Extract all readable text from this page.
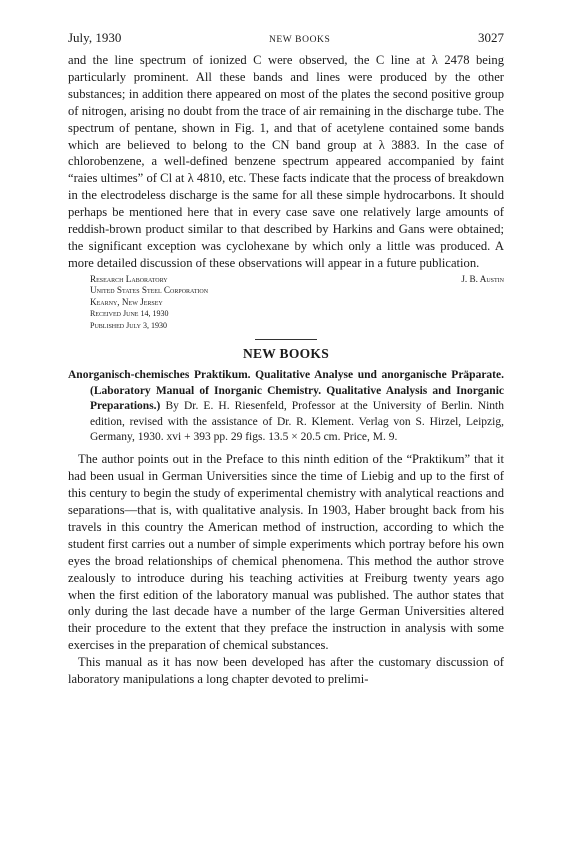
July, 1930	NEW BOOKS	3027

and the line spectrum of ionized C were observed, the C line at λ 2478 being particularly prominent. All these bands and lines were produced by the other substances; in addition there appeared on most of the plates the second positive group of nitrogen, arising no doubt from the trace of air remaining in the discharge tube. The spectrum of pentane, shown in Fig. 1, and that of acetylene contained some bands which are believed to belong to the CN band group at λ 3883. In the case of chlorobenzene, a well-defined benzene spectrum appeared accompanied by faint “raies ultimes” of Cl at λ 4810, etc. These facts indicate that the process of breakdown in the electrodeless discharge is the same for all these simple hydrocarbons. It should perhaps be mentioned here that in every case save one relatively large amounts of reddish-brown product similar to that described by Harkins and Gans were obtained; the significant exception was cyclohexane by which only a little was produced. A more detailed discussion of these observations will appear in a future publication.

Research Laboratory
United States Steel Corporation
Kearny, New Jersey
Received June 14, 1930
Published July 3, 1930
J. B. Austin
NEW BOOKS

Anorganisch-chemisches Praktikum. Qualitative Analyse und anorganische Präparate. (Laboratory Manual of Inorganic Chemistry. Qualitative Analysis and Inorganic Preparations.) By Dr. E. H. Riesenfeld, Professor at the University of Berlin. Ninth edition, revised with the assistance of Dr. R. Klement. Verlag von S. Hirzel, Leipzig, Germany, 1930. xvi + 393 pp. 29 figs. 13.5 × 20.5 cm. Price, M. 9.

The author points out in the Preface to this ninth edition of the “Praktikum” that it had been usual in German Universities since the time of Liebig and up to the first of this century to begin the study of experimental chemistry with analytical reactions and separations—that is, with qualitative analysis. In 1903, Haber brought back from his travels in this country the American method of instruction, according to which the student first carries out a number of simple experiments which portray before his own eyes the broad relationships of chemical phenomena. This method the author strove zealously to introduce during his teaching activities at Freiburg twenty years ago when the first edition of the laboratory manual was published. The author states that only during the last decade have a number of the large German Universities altered their procedure to the extent that they preface the instruction in analysis with some exercises in the preparation of chemical substances.

This manual as it has now been developed has after the customary discussion of laboratory manipulations a long chapter devoted to prelimi-
